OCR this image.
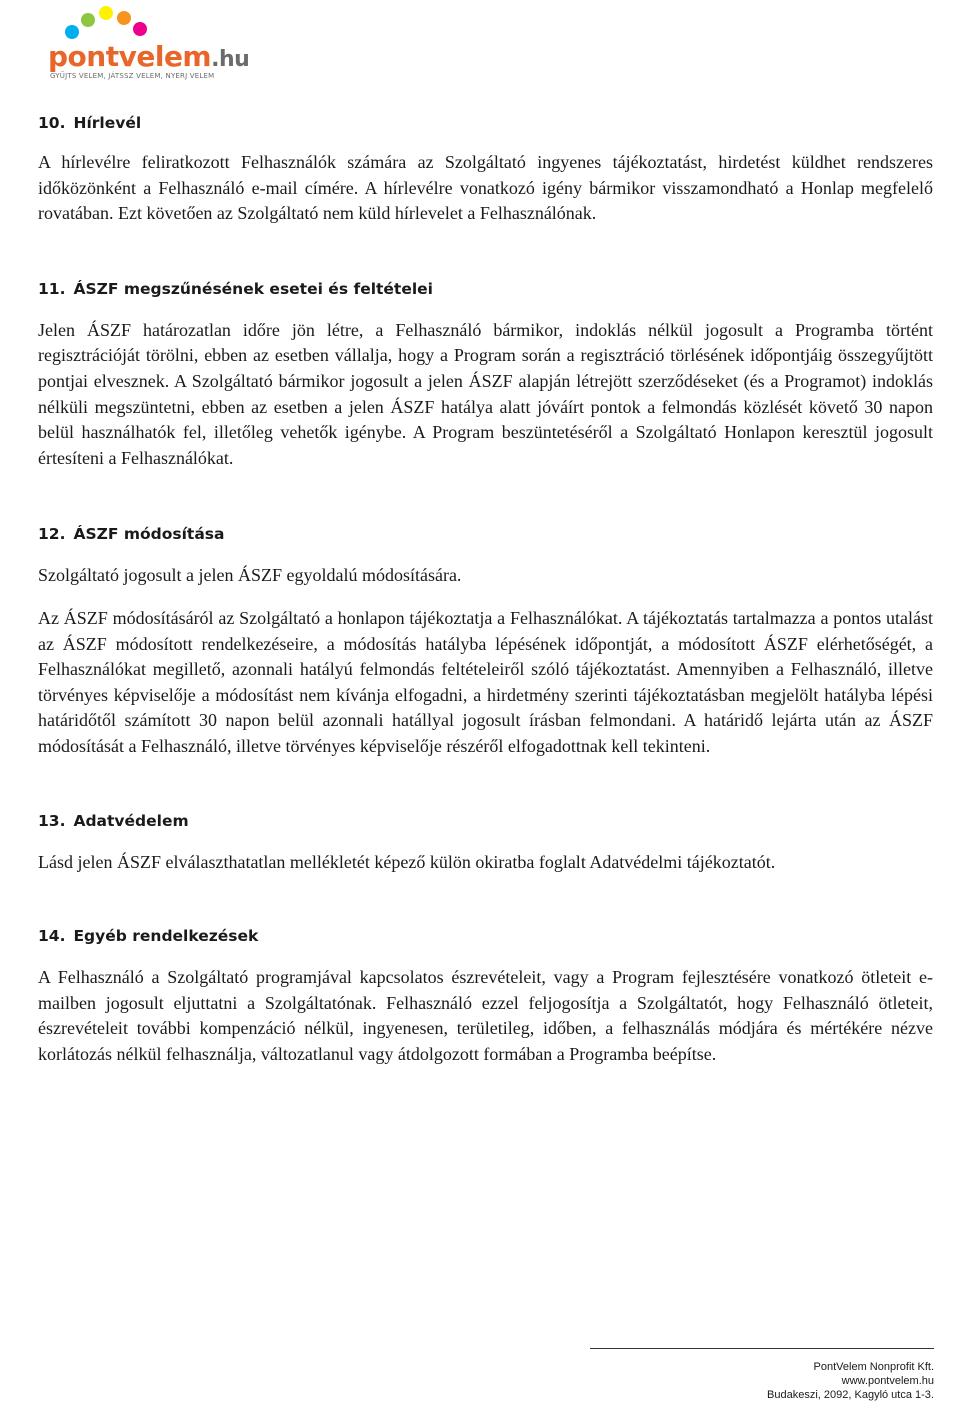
pontvelem.hu
GYŰJTS VELEM, JÁTSSZ VELEM, NYERJ VELEM
10. Hírlevél

A hírlevélre feliratkozott Felhasználók számára az Szolgáltató ingyenes tájékoztatást, hirdetést küldhet rendszeres időközönként a Felhasználó e-mail címére. A hírlevélre vonatkozó igény bármikor visszamondható a Honlap megfelelő rovatában. Ezt követően az Szolgáltató nem küld hírlevelet a Felhasználónak.

11. ÁSZF megszűnésének esetei és feltételei

Jelen ÁSZF határozatlan időre jön létre, a Felhasználó bármikor, indoklás nélkül jogosult a Programba történt regisztrációját törölni, ebben az esetben vállalja, hogy a Program során a regisztráció törlésének időpontjáig összegyűjtött pontjai elvesznek. A Szolgáltató bármikor jogosult a jelen ÁSZF alapján létrejött szerződéseket (és a Programot) indoklás nélküli megszüntetni, ebben az esetben a jelen ÁSZF hatálya alatt jóváírt pontok a felmondás közlését követő 30 napon belül használhatók fel, illetőleg vehetők igénybe. A Program beszüntetéséről a Szolgáltató Honlapon keresztül jogosult értesíteni a Felhasználókat.

12. ÁSZF módosítása

Szolgáltató jogosult a jelen ÁSZF egyoldalú módosítására.

Az ÁSZF módosításáról az Szolgáltató a honlapon tájékoztatja a Felhasználókat. A tájékoztatás tartalmazza a pontos utalást az ÁSZF módosított rendelkezéseire, a módosítás hatályba lépésének időpontját, a módosított ÁSZF elérhetőségét, a Felhasználókat megillető, azonnali hatályú felmondás feltételeiről szóló tájékoztatást. Amennyiben a Felhasználó, illetve törvényes képviselője a módosítást nem kívánja elfogadni, a hirdetmény szerinti tájékoztatásban megjelölt hatályba lépési határidőtől számított 30 napon belül azonnali hatállyal jogosult írásban felmondani. A határidő lejárta után az ÁSZF módosítását a Felhasználó, illetve törvényes képviselője részéről elfogadottnak kell tekinteni.

13. Adatvédelem

Lásd jelen ÁSZF elválaszthatatlan mellékletét képező külön okiratba foglalt Adatvédelmi tájékoztatót.

14. Egyéb rendelkezések

A Felhasználó a Szolgáltató programjával kapcsolatos észrevételeit, vagy a Program fejlesztésére vonatkozó ötleteit e-mailben jogosult eljuttatni a Szolgáltatónak. Felhasználó ezzel feljogosítja a Szolgáltatót, hogy Felhasználó ötleteit, észrevételeit további kompenzáció nélkül, ingyenesen, területileg, időben, a felhasználás módjára és mértékére nézve korlátozás nélkül felhasználja, változatlanul vagy átdolgozott formában a Programba beépítse.

PontVelem Nonprofit Kft.
www.pontvelem.hu
Budakeszi, 2092, Kagyló utca 1-3.
